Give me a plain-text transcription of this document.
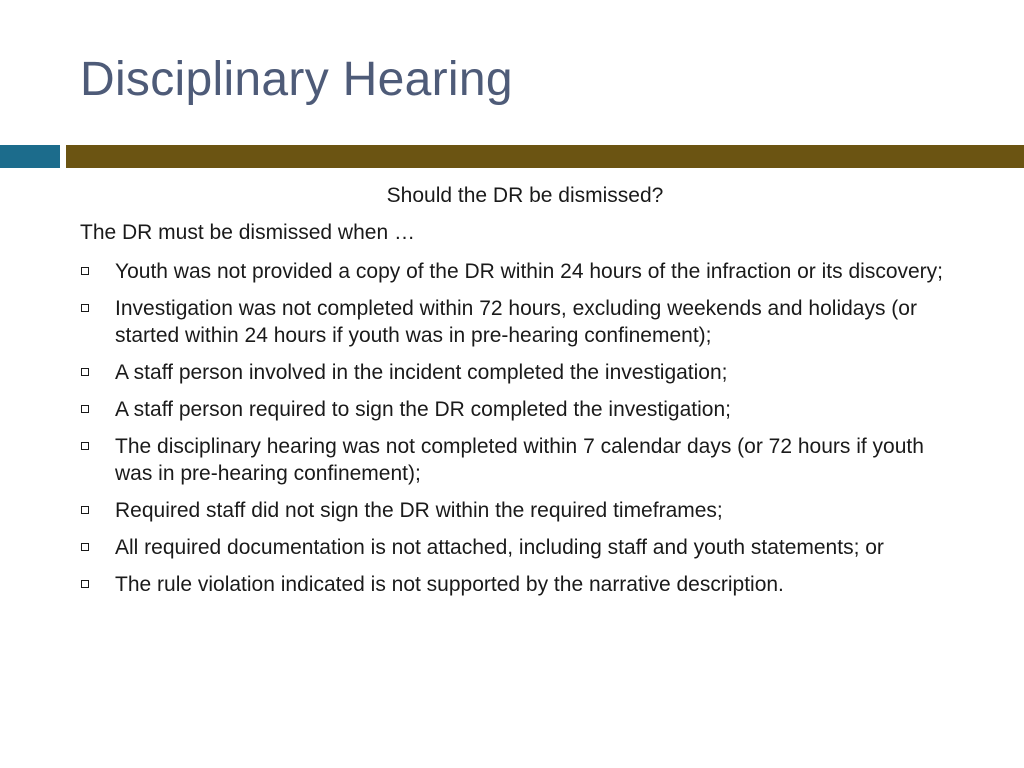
Disciplinary Hearing

Should the DR be dismissed?

The DR must be dismissed when …

Youth was not provided a copy of the DR within 24 hours of the infraction or its discovery;
Investigation was not completed within 72 hours, excluding weekends and holidays (or started within 24 hours if youth was in pre-hearing confinement);
A staff person involved in the incident completed the investigation;
A staff person required to sign the DR completed the investigation;
The disciplinary hearing was not completed within 7 calendar days (or 72 hours if youth was in pre-hearing confinement);
Required staff did not sign the DR within the required timeframes;
All required documentation is not attached, including staff and youth statements; or
The rule violation indicated is not supported by the narrative description.
